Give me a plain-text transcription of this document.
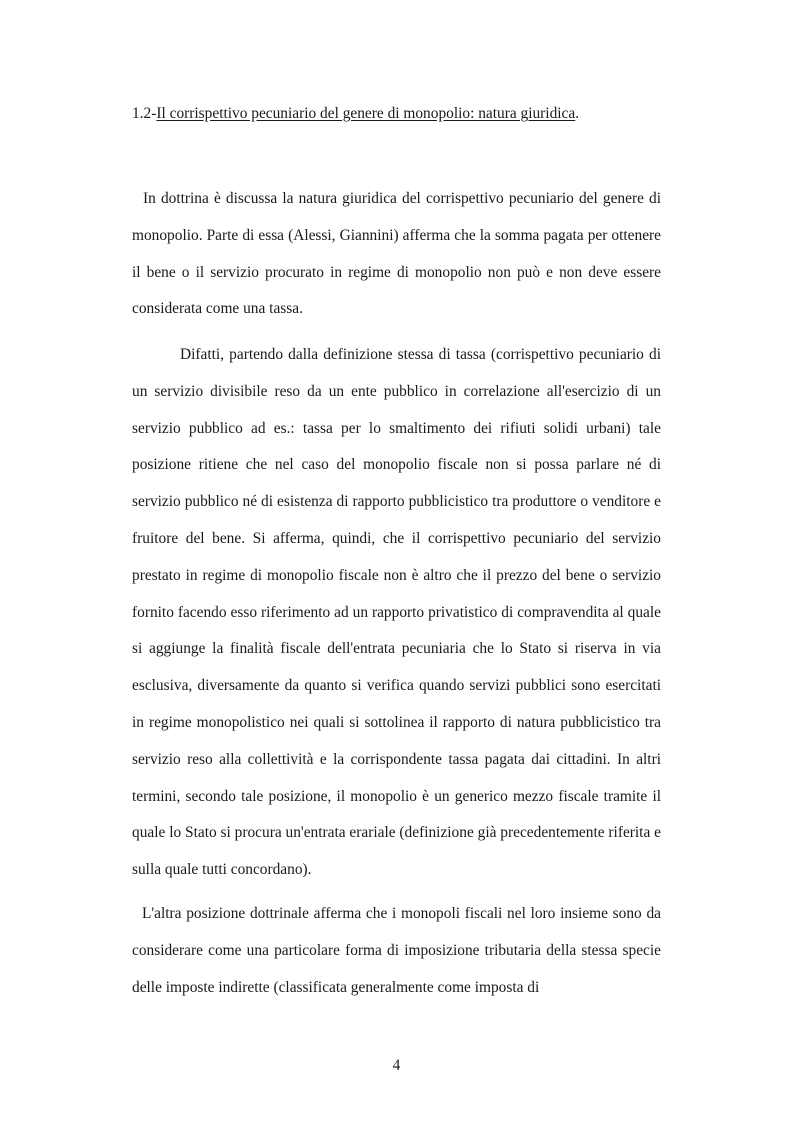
1.2-Il corrispettivo pecuniario del genere di monopolio: natura giuridica.

In dottrina è discussa la natura giuridica del corrispettivo pecuniario del genere di monopolio. Parte di essa (Alessi, Giannini) afferma che la somma pagata per ottenere il bene o il servizio procurato in regime di monopolio non può e non deve essere considerata come una tassa.

Difatti, partendo dalla definizione stessa di tassa (corrispettivo pecuniario di un servizio divisibile reso da un ente pubblico in correlazione all'esercizio di un servizio pubblico ad es.: tassa per lo smaltimento dei rifiuti solidi urbani) tale posizione ritiene che nel caso del monopolio fiscale non si possa parlare né di servizio pubblico né di esistenza di rapporto pubblicistico tra produttore o venditore e fruitore del bene. Si afferma, quindi, che il corrispettivo pecuniario del servizio prestato in regime di monopolio fiscale non è altro che il prezzo del bene o servizio fornito facendo esso riferimento ad un rapporto privatistico di compravendita al quale si aggiunge la finalità fiscale dell'entrata pecuniaria che lo Stato si riserva in via esclusiva, diversamente da quanto si verifica quando servizi pubblici sono esercitati in regime monopolistico nei quali si sottolinea il rapporto di natura pubblicistico tra servizio reso alla collettività e la corrispondente tassa pagata dai cittadini. In altri termini, secondo tale posizione, il monopolio è un generico mezzo fiscale tramite il quale lo Stato si procura un'entrata erariale (definizione già precedentemente riferita e sulla quale tutti concordano).

L'altra posizione dottrinale afferma che i monopoli fiscali nel loro insieme sono da considerare come una particolare forma di imposizione tributaria della stessa specie delle imposte indirette (classificata generalmente come imposta di

4
